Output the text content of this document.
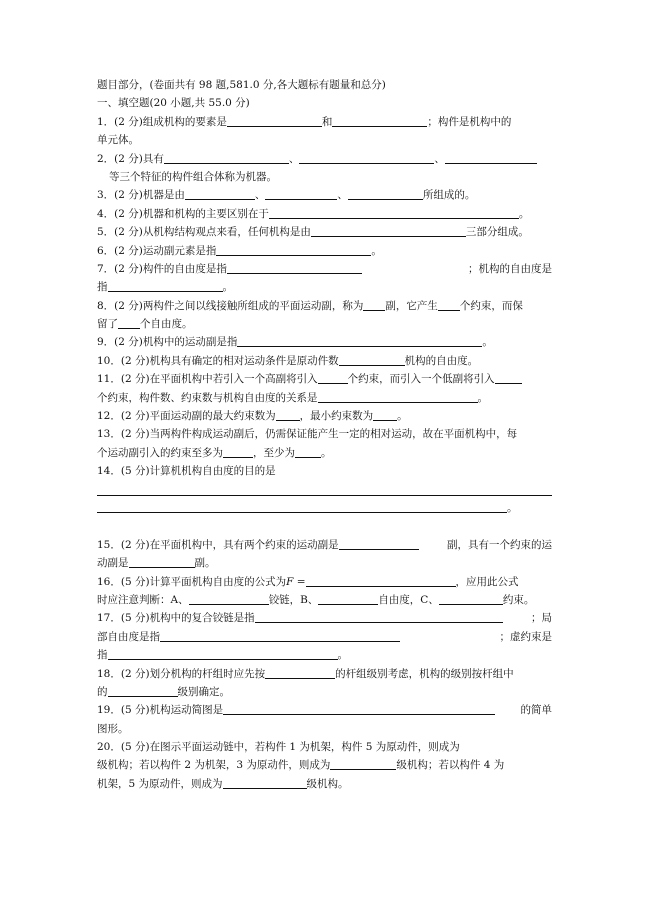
题目部分，(卷面共有 98 题,581.0 分,各大题标有题量和总分)
一、填空题(20 小题,共 55.0 分)
1．(2 分)组成机构的要素是	和	；构件是机构中的
单元体。
2．(2 分)具有	、	、
等三个特征的构件组合体称为机器。
3．(2 分)机器是由	、	、	所组成的。
4．(2 分)机器和机构的主要区别在于	。
5．(2 分)从机构结构观点来看，任何机构是由	三部分组成。
6．(2 分)运动副元素是指	。
7．(2 分)构件的自由度是指	；机构的自由度是
指	。
8．(2 分)两构件之间以线接触所组成的平面运动副，称为 副，它产生 个约束，而保
留了 个自由度。
9．(2 分)机构中的运动副是指	。
10．(2 分)机构具有确定的相对运动条件是原动件数	机构的自由度。
11．(2 分)在平面机构中若引入一个高副将引入	个约束，而引入一个低副将引入
个约束，构件数、约束数与机构自由度的关系是	。
12．(2 分)平面运动副的最大约束数为 ，最小约束数为 。
13．(2 分)当两构件构成运动副后，仍需保证能产生一定的相对运动，故在平面机构中，每
个运动副引入的约束至多为	，至少为 。
14．(5 分)计算机机构自由度的目的是
。
15．(2 分)在平面机构中，具有两个约束的运动副是	副，具有一个约束的运
动副是	副。
16．(5 分)计算平面机构自由度的公式为F =	，应用此公式
时应注意判断：A、	铰链，B、	自由度，C、	约束。
17．(5 分)机构中的复合铰链是指	；局
部自由度是指	；虚约束是
指	。
18．(2 分)划分机构的杆组时应先按	的杆组级别考虑，机构的级别按杆组中
的	级别确定。
19．(5 分)机构运动简图是	的简单
图形。
20．(5 分)在图示平面运动链中，若构件 1 为机架，构件 5 为原动件，则成为
级机构；若以构件 2 为机架，3 为原动件，则成为	级机构；若以构件 4 为
机架，5 为原动件，则成为	级机构。
